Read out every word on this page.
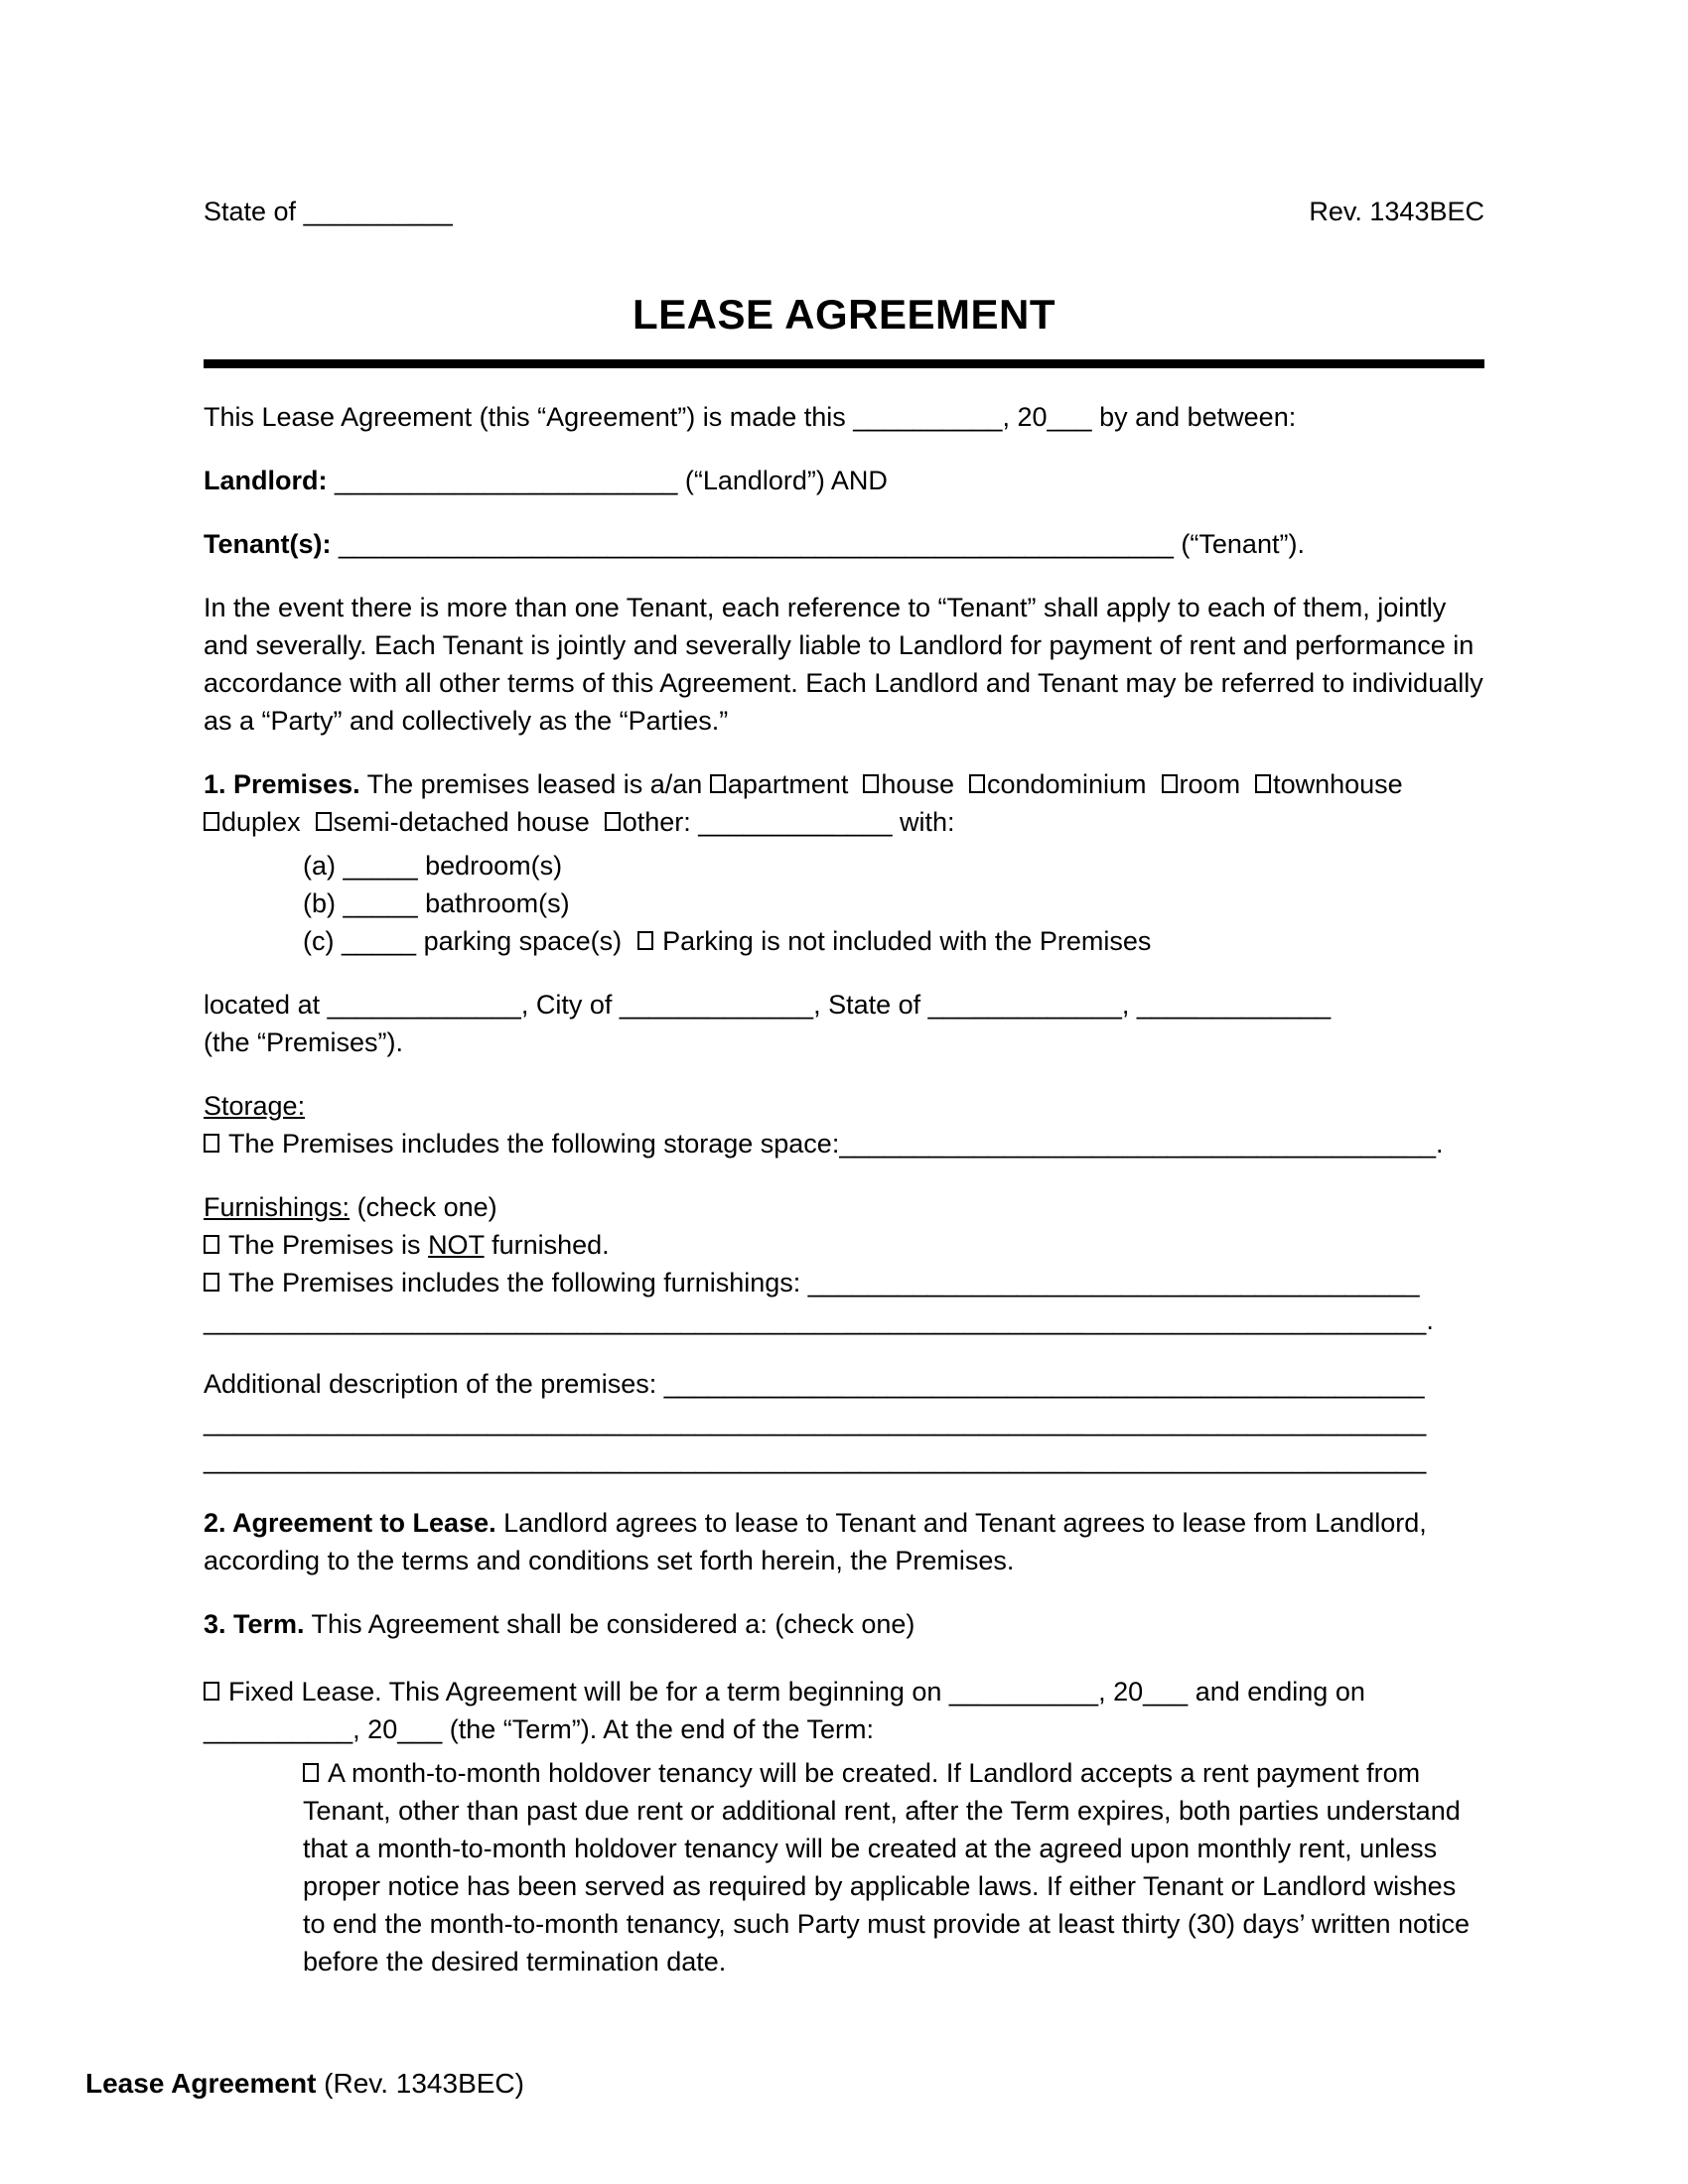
State of __________	Rev. 1343BEC
LEASE AGREEMENT
This Lease Agreement (this “Agreement”) is made this __________, 20___ by and between:
Landlord: _______________________ (“Landlord”) AND
Tenant(s): ________________________________________________________ (“Tenant”).
In the event there is more than one Tenant, each reference to “Tenant” shall apply to each of them, jointly and severally. Each Tenant is jointly and severally liable to Landlord for payment of rent and performance in accordance with all other terms of this Agreement. Each Landlord and Tenant may be referred to individually as a “Party” and collectively as the “Parties.”
1. Premises. The premises leased is a/an apartment house condominium room townhouse
duplex semi-detached house other: _____________ with:
(a) _____ bedroom(s)
(b) _____ bathroom(s)
(c) _____ parking space(s) Parking is not included with the Premises
located at _____________, City of _____________, State of _____________, _____________
(the “Premises”).
Storage:
The Premises includes the following storage space:________________________________________.
Furnishings: (check one)
The Premises is NOT furnished.
The Premises includes the following furnishings: _________________________________________
__________________________________________________________________________________.
Additional description of the premises: ___________________________________________________
__________________________________________________________________________________
__________________________________________________________________________________
2. Agreement to Lease. Landlord agrees to lease to Tenant and Tenant agrees to lease from Landlord, according to the terms and conditions set forth herein, the Premises.
3. Term. This Agreement shall be considered a: (check one)
Fixed Lease. This Agreement will be for a term beginning on __________, 20___ and ending on
__________, 20___ (the “Term”). At the end of the Term:
A month-to-month holdover tenancy will be created. If Landlord accepts a rent payment from Tenant, other than past due rent or additional rent, after the Term expires, both parties understand that a month-to-month holdover tenancy will be created at the agreed upon monthly rent, unless proper notice has been served as required by applicable laws. If either Tenant or Landlord wishes to end the month-to-month tenancy, such Party must provide at least thirty (30) days’ written notice before the desired termination date.
Lease Agreement (Rev. 1343BEC)
